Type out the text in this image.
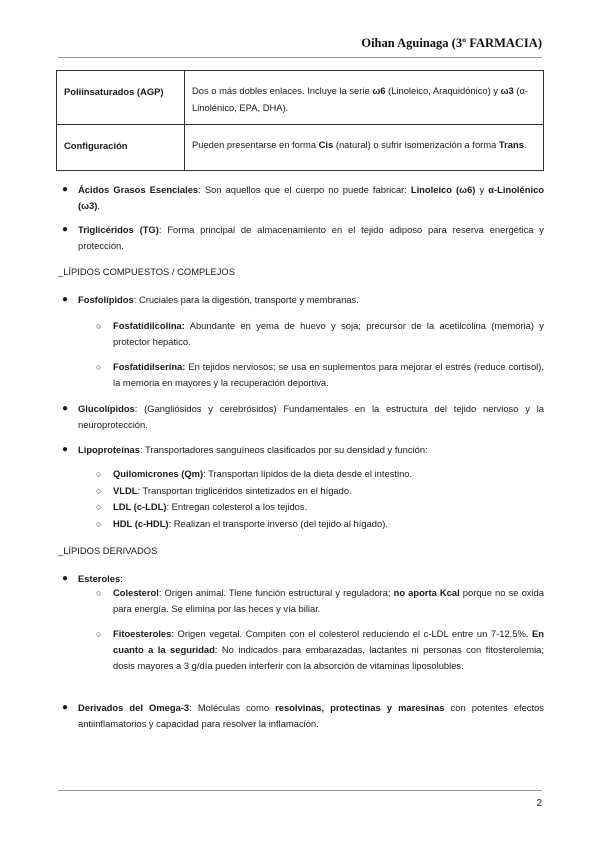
Oihan Aguinaga (3º FARMACIA)
Poliinsaturados (AGP)	Dos o más dobles enlaces. Incluye la serie ω6 (Linoleico, Araquidónico) y ω3 (α-Linolénico, EPA, DHA).
Configuración	Pueden presentarse en forma Cis (natural) o sufrir isomerización a forma Trans.
● Ácidos Grasos Esenciales: Son aquellos que el cuerpo no puede fabricar: Linoleico (ω6) y α-Linolénico (ω3).
● Triglicéridos (TG): Forma principal de almacenamiento en el tejido adiposo para reserva energética y protección.
_LÍPIDOS COMPUESTOS / COMPLEJOS
● Fosfolípidos: Cruciales para la digestión, transporte y membranas.
○ Fosfatidilcolina: Abundante en yema de huevo y soja; precursor de la acetilcolina (memoria) y protector hepático.
○ Fosfatidilserina: En tejidos nerviosos; se usa en suplementos para mejorar el estrés (reduce cortisol), la memoria en mayores y la recuperación deportiva.
● Glucolípidos: (Gangliósidos y cerebrósidos) Fundamentales en la estructura del tejido nervioso y la neuroprotección.
● Lipoproteínas: Transportadores sanguíneos clasificados por su densidad y función:
○ Quilomicrones (Qm): Transportan lípidos de la dieta desde el intestino.
○ VLDL: Transportan triglicéridos sintetizados en el hígado.
○ LDL (c-LDL): Entregan colesterol a los tejidos.
○ HDL (c-HDL): Realizan el transporte inverso (del tejido al hígado).
_LÍPIDOS DERIVADOS
● Esteroles:
○ Colesterol: Origen animal. Tiene función estructural y reguladora; no aporta Kcal porque no se oxida para energía. Se elimina por las heces y vía biliar.
○ Fitoesteroles: Origen vegetal. Compiten con el colesterol reduciendo el c-LDL entre un 7-12.5%. En cuanto a la seguridad: No indicados para embarazadas, lactantes ni personas con fitosterolemia; dosis mayores a 3 g/día pueden interferir con la absorción de vitaminas liposolubles.
● Derivados del Omega-3: Moléculas como resolvinas, protectinas y maresinas con potentes efectos antiinflamatorios y capacidad para resolver la inflamación.
2
